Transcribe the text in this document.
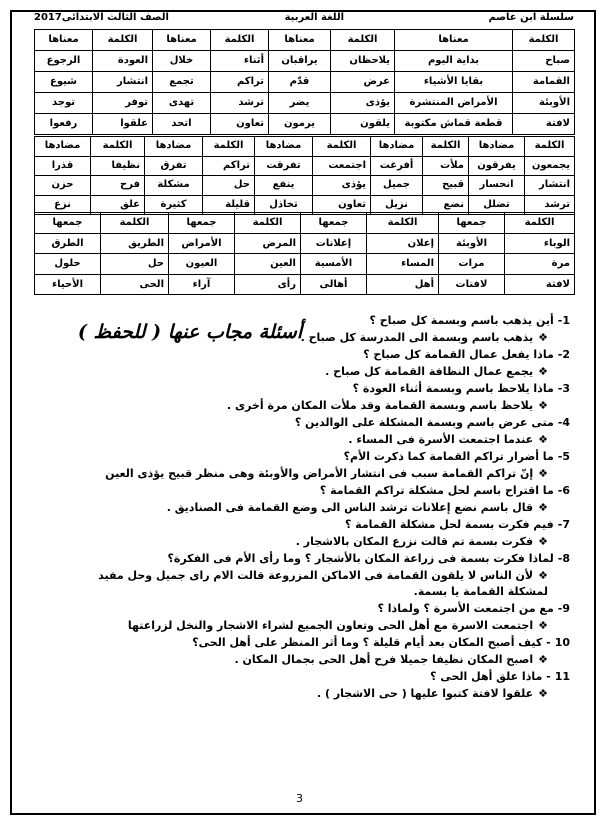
سلسلة ابن عاصم
اللغة العربية
الصف الثالث الابتدائى2017
الكلمة	معناها	الكلمة	معناها	الكلمة	معناها	الكلمة	معناها
صباح	بداية اليوم	يلاحظان	يراقبان	أثناء	خلال	العودة	الرجوع
القمامة	بقايا الأشياء	عرض	قدّم	تراكم	تجمع	انتشار	شيوع
الأوبئة	الأمراض المنتشرة	يؤذى	يضر	ترشد	تهدى	توفر	توجد
لافتة	قطعة قماش مكتوبة	يلقون	يرمون	تعاون	اتحد	علقوا	رفعوا
الكلمة	مضادها	الكلمة	مضادها	الكلمة	مضادها	الكلمة	مضادها	الكلمة	مضادها
يجمعون	يفرقون	ملأت	أفرغت	اجتمعت	تفرقت	تراكم	تفرق	نظيفا	قذرا
انتشار	انحسار	قبيح	جميل	يؤذى	ينفع	حل	مشكلة	فرح	حزن
ترشد	تضلل	نضع	نزيل	تعاون	تخاذل	قليلة	كثيرة	علق	نزع
الكلمة	جمعها	الكلمة	جمعها	الكلمة	جمعها	الكلمة	جمعها
الوباء	الأوبئة	إعلان	إعلانات	المرض	الأمراض	الطريق	الطرق
مرة	مرات	المساء	الأمسية	العين	العيون	حل	حلول
لافتة	لافتات	أهل	أهالى	رأى	آراء	الحى	الأحياء
أسئلة مجاب عنها ( للحفظ )
1-
أين يذهب باسم وبسمة كل صباح ؟
❖يذهب باسم وبسمة الى المدرسة كل صباح .
2-
ماذا يفعل عمال القمامة كل صباح ؟
❖يجمع عمال النظافة القمامة كل صباح .
3-
ماذا يلاحظ باسم وبسمة أثناء العودة ؟
❖يلاحظ باسم وبسمة القمامة وقد ملأت المكان مرة أخرى .
4-
متى عرض باسم وبسمة المشكلة على الوالدين ؟
❖عندما اجتمعت الأسرة فى المساء .
5-
ما أضرار تراكم القمامة كما ذكرت الأم؟
❖إنّ تراكم القمامة سبب فى انتشار الأمراض والأوبئة وهى منظر قبيح يؤذى العين
6-
ما اقتراح باسم لحل مشكلة تراكم القمامة ؟
❖قال باسم نضع إعلانات ترشد الناس الى وضع القمامة فى الصناديق .
7-
فيم فكرت بسمة لحل مشكلة القمامة ؟
❖فكرت بسمة تم قالت نزرع المكان بالاشجار .
8-
لماذا فكرت بسمة فى زراعة المكان بالأشجار ؟ وما رأى الأم فى الفكرة؟
❖لأن الناس لا يلقون القمامة فى الاماكن المزروعة قالت الام راى جميل وحل مفيد
لمشكلة القمامة يا بسمة.
9-
مع من اجتمعت الأسرة ؟ ولماذا ؟
❖اجتمعت الاسرة مع أهل الحى وتعاون الجميع لشراء الاشجار والنخل لزراعتها
10
- كيف أصبح المكان بعد أيام قليلة ؟ وما أثر المنظر على أهل الحى؟
❖اصبح المكان نظيفا جميلا فرح أهل الحى بجمال المكان .
11
- ماذا علق أهل الحى ؟
❖علقوا لافتة كتبوا عليها ( حى الاشجار ) .
3
